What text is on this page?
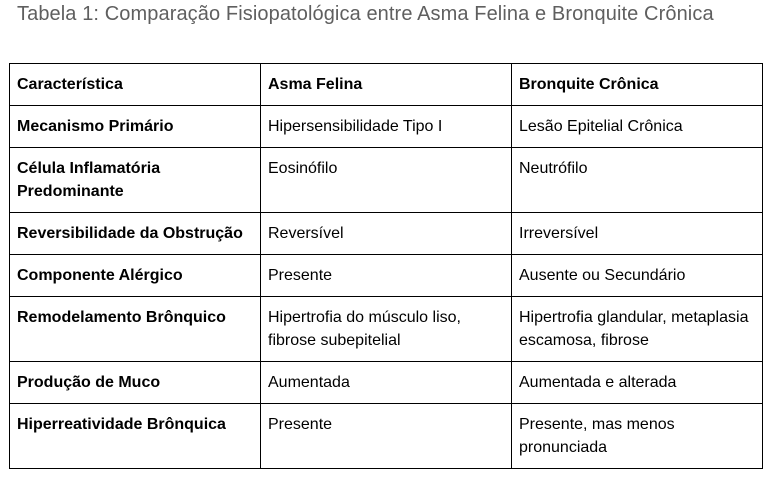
Tabela 1: Comparação Fisiopatológica entre Asma Felina e Bronquite Crônica

Característica	Asma Felina	Bronquite Crônica
Mecanismo Primário	Hipersensibilidade Tipo I	Lesão Epitelial Crônica
Célula Inflamatória Predominante	Eosinófilo	Neutrófilo
Reversibilidade da Obstrução	Reversível	Irreversível
Componente Alérgico	Presente	Ausente ou Secundário
Remodelamento Brônquico	Hipertrofia do músculo liso, fibrose subepitelial	Hipertrofia glandular, metaplasia escamosa, fibrose
Produção de Muco	Aumentada	Aumentada e alterada
Hiperreatividade Brônquica	Presente	Presente, mas menos pronunciada
